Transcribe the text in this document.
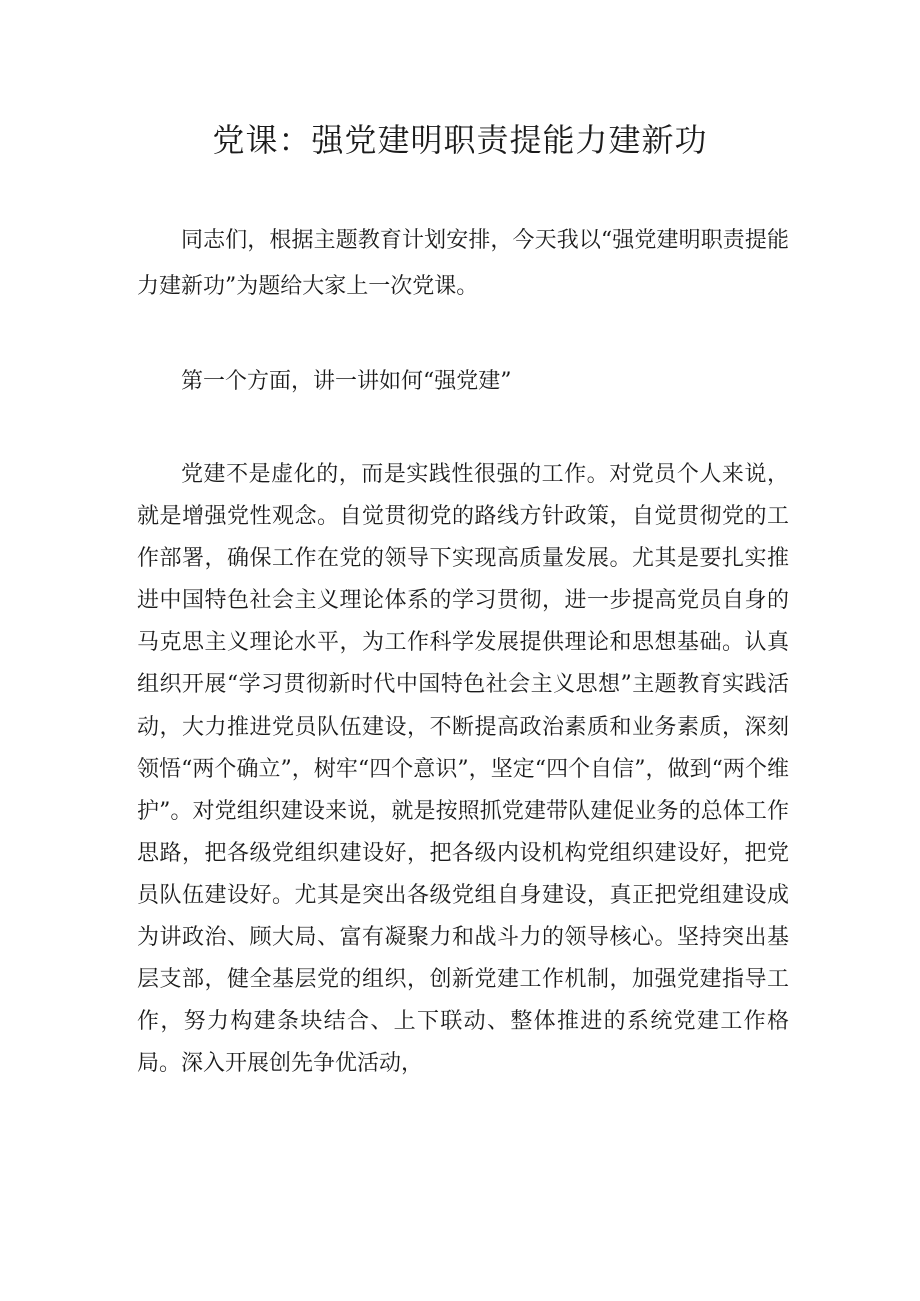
党课：强党建明职责提能力建新功

同志们，根据主题教育计划安排，今天我以“强党建明职责提能力建新功”为题给大家上一次党课。

第一个方面，讲一讲如何“强党建”

党建不是虚化的，而是实践性很强的工作。对党员个人来说，就是增强党性观念。自觉贯彻党的路线方针政策，自觉贯彻党的工作部署，确保工作在党的领导下实现高质量发展。尤其是要扎实推进中国特色社会主义理论体系的学习贯彻，进一步提高党员自身的马克思主义理论水平，为工作科学发展提供理论和思想基础。认真组织开展“学习贯彻新时代中国特色社会主义思想”主题教育实践活动，大力推进党员队伍建设，不断提高政治素质和业务素质，深刻领悟“两个确立”，树牢“四个意识”，坚定“四个自信”，做到“两个维护”。对党组织建设来说，就是按照抓党建带队建促业务的总体工作思路，把各级党组织建设好，把各级内设机构党组织建设好，把党员队伍建设好。尤其是突出各级党组自身建设，真正把党组建设成为讲政治、顾大局、富有凝聚力和战斗力的领导核心。坚持突出基层支部，健全基层党的组织，创新党建工作机制，加强党建指导工作，努力构建条块结合、上下联动、整体推进的系统党建工作格局。深入开展创先争优活动，
